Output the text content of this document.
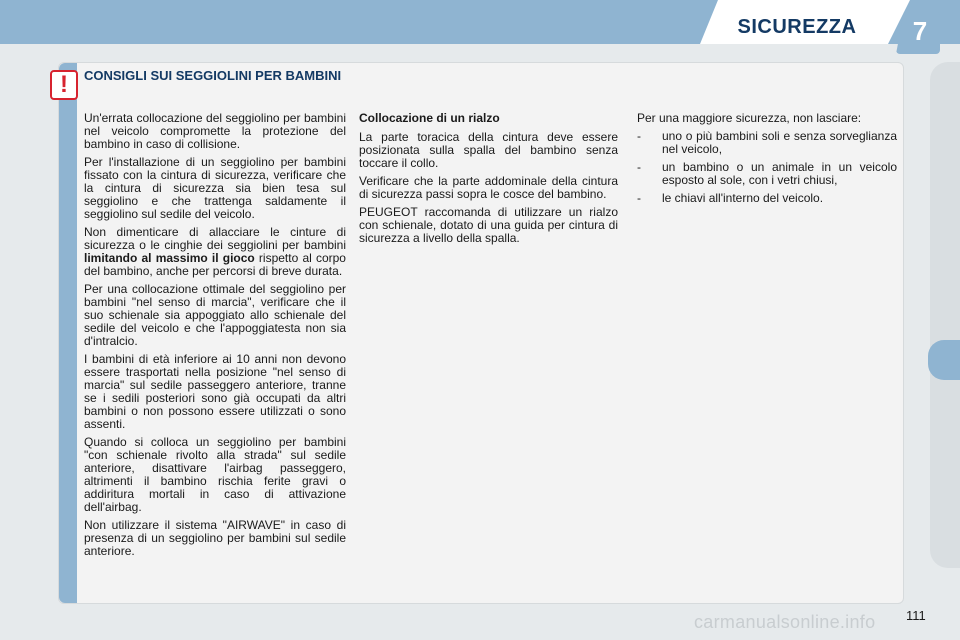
SICUREZZA	7
!	CONSIGLI SUI SEGGIOLINI PER BAMBINI

Un'errata collocazione del seggiolino per bambini nel veicolo compromette la protezione del bambino in caso di collisione.

Per l'installazione di un seggiolino per bambini fissato con la cintura di sicurezza, verificare che la cintura di sicurezza sia bien tesa sul seggiolino e che trattenga saldamente il seggiolino sul sedile del veicolo.

Non dimenticare di allacciare le cinture di sicurezza o le cinghie dei seggiolini per bambini limitando al massimo il gioco rispetto al corpo del bambino, anche per percorsi di breve durata.

Per una collocazione ottimale del seggiolino per bambini "nel senso di marcia", verificare che il suo schienale sia appoggiato allo schienale del sedile del veicolo e che l'appoggiatesta non sia d'intralcio.

I bambini di età inferiore ai 10 anni non devono essere trasportati nella posizione "nel senso di marcia" sul sedile passeggero anteriore, tranne se i sedili posteriori sono già occupati da altri bambini o non possono essere utilizzati o sono assenti.

Quando si colloca un seggiolino per bambini "con schienale rivolto alla strada" sul sedile anteriore, disattivare l'airbag passeggero, altrimenti il bambino rischia ferite gravi o addiritura mortali in caso di attivazione dell'airbag.

Non utilizzare il sistema "AIRWAVE" in caso di presenza di un seggiolino per bambini sul sedile anteriore.

Collocazione di un rialzo

La parte toracica della cintura deve essere posizionata sulla spalla del bambino senza toccare il collo.

Verificare che la parte addominale della cintura di sicurezza passi sopra le cosce del bambino.

PEUGEOT raccomanda di utilizzare un rialzo con schienale, dotato di una guida per cintura di sicurezza a livello della spalla.

Per una maggiore sicurezza, non lasciare:

- uno o più bambini soli e senza sorveglianza nel veicolo,
- un bambino o un animale in un veicolo esposto al sole, con i vetri chiusi,
- le chiavi all'interno del veicolo.
carmanualsonline.info 111
